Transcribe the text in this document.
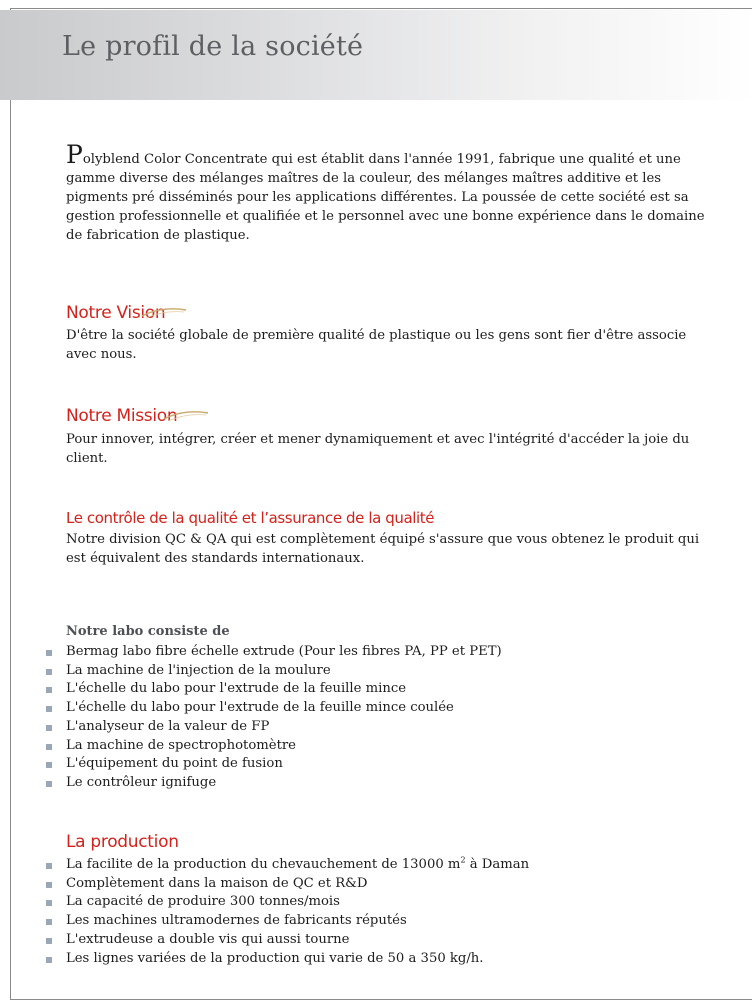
Le profil de la société

Polyblend Color Concentrate qui est établit dans l'année 1991, fabrique une qualité et une gamme diverse des mélanges maîtres de la couleur, des mélanges maîtres additive et les pigments pré disséminés pour les applications différentes. La poussée de cette société est sa gestion professionnelle et qualifiée et le personnel avec une bonne expérience dans le domaine de fabrication de plastique.

Notre Vision

D'être la société globale de première qualité de plastique ou les gens sont fier d'être associe avec nous.

Notre Mission

Pour innover, intégrer, créer et mener dynamiquement et avec l'intégrité d'accéder la joie du client.

Le contrôle de la qualité et l’assurance de la qualité

Notre division QC & QA qui est complètement équipé s'assure que vous obtenez le produit qui est équivalent des standards internationaux.

Notre labo consiste de
Bermag labo fibre échelle extrude (Pour les fibres PA, PP et PET)
La machine de l'injection de la moulure
L'échelle du labo pour l'extrude de la feuille mince
L'échelle du labo pour l'extrude de la feuille mince coulée
L'analyseur de la valeur de FP
La machine de spectrophotomètre
L'équipement du point de fusion
Le contrôleur ignifuge
La production
La facilite de la production du chevauchement de 13000 $m^2$ à Daman
Complètement dans la maison de QC et R&D
La capacité de produire 300 tonnes/mois
Les machines ultramodernes de fabricants réputés
L'extrudeuse a double vis qui aussi tourne
Les lignes variées de la production qui varie de 50 a 350 kg/h.
